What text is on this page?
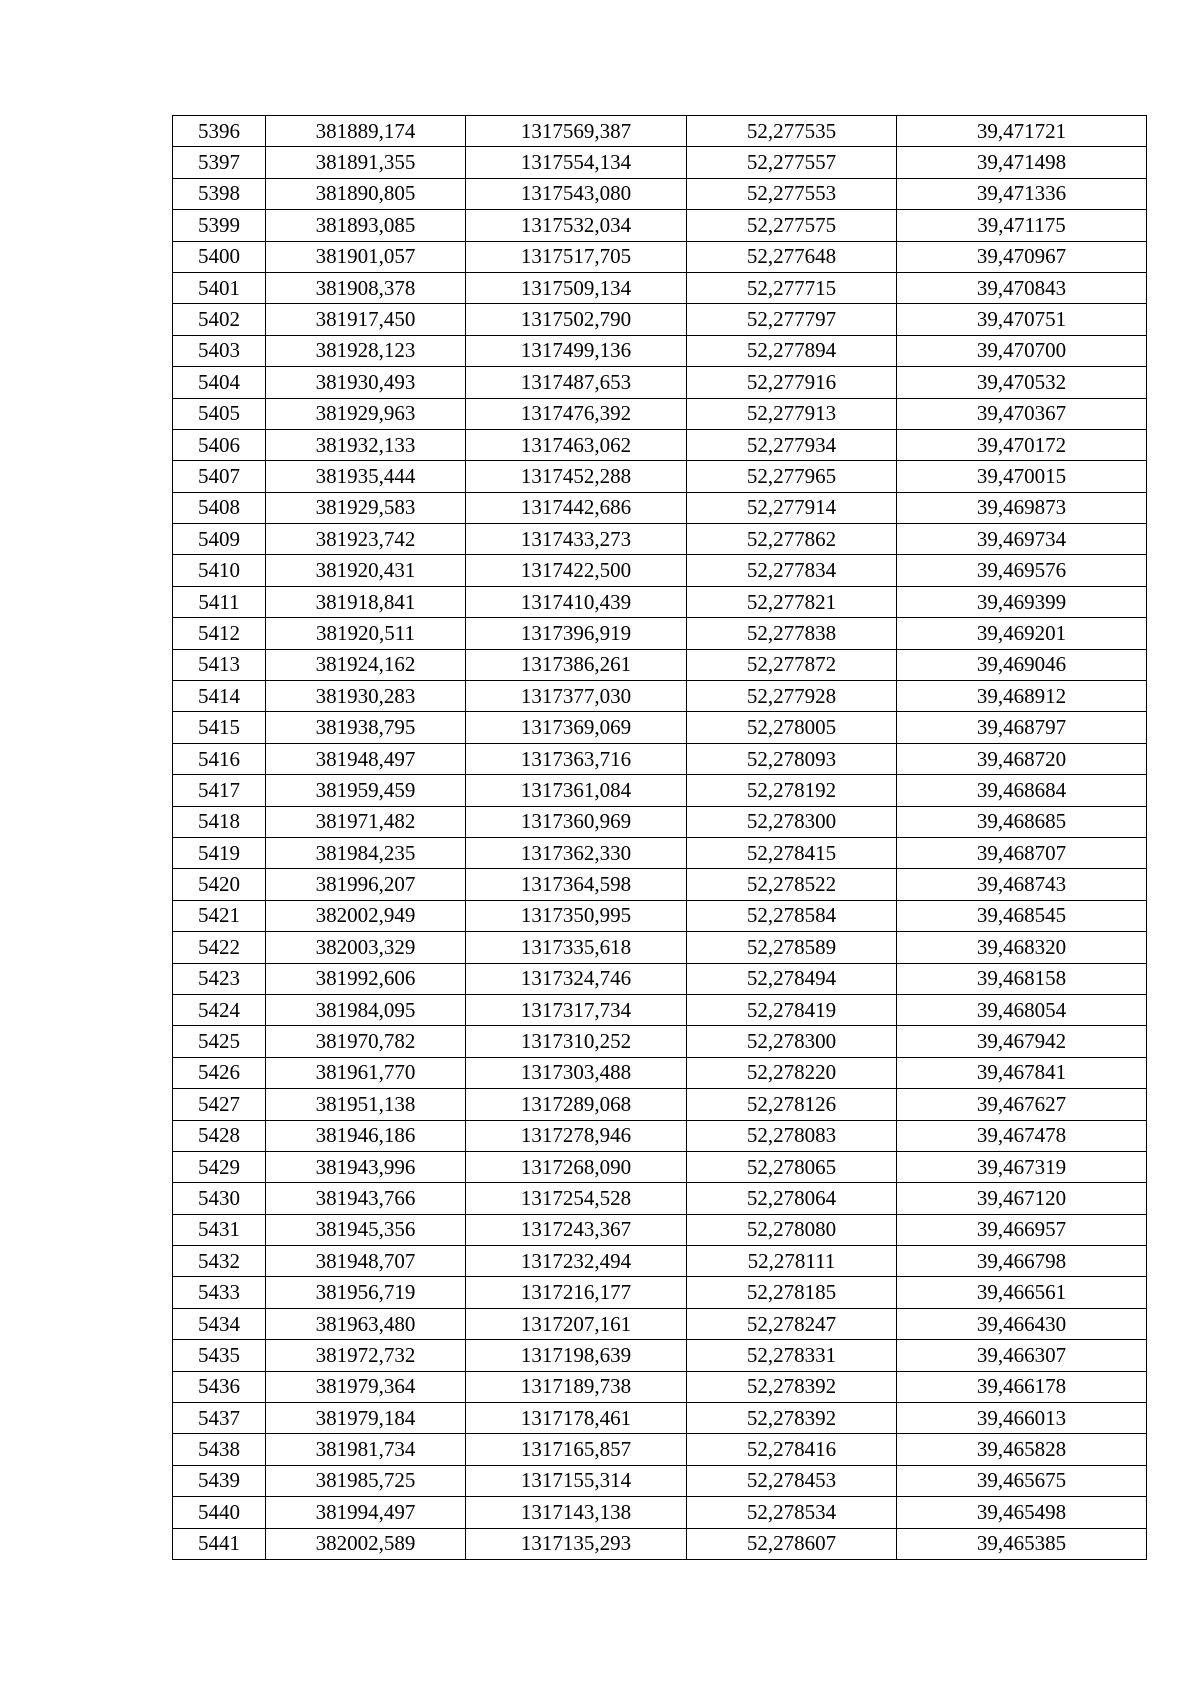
5396	381889,174	1317569,387	52,277535	39,471721
5397	381891,355	1317554,134	52,277557	39,471498
5398	381890,805	1317543,080	52,277553	39,471336
5399	381893,085	1317532,034	52,277575	39,471175
5400	381901,057	1317517,705	52,277648	39,470967
5401	381908,378	1317509,134	52,277715	39,470843
5402	381917,450	1317502,790	52,277797	39,470751
5403	381928,123	1317499,136	52,277894	39,470700
5404	381930,493	1317487,653	52,277916	39,470532
5405	381929,963	1317476,392	52,277913	39,470367
5406	381932,133	1317463,062	52,277934	39,470172
5407	381935,444	1317452,288	52,277965	39,470015
5408	381929,583	1317442,686	52,277914	39,469873
5409	381923,742	1317433,273	52,277862	39,469734
5410	381920,431	1317422,500	52,277834	39,469576
5411	381918,841	1317410,439	52,277821	39,469399
5412	381920,511	1317396,919	52,277838	39,469201
5413	381924,162	1317386,261	52,277872	39,469046
5414	381930,283	1317377,030	52,277928	39,468912
5415	381938,795	1317369,069	52,278005	39,468797
5416	381948,497	1317363,716	52,278093	39,468720
5417	381959,459	1317361,084	52,278192	39,468684
5418	381971,482	1317360,969	52,278300	39,468685
5419	381984,235	1317362,330	52,278415	39,468707
5420	381996,207	1317364,598	52,278522	39,468743
5421	382002,949	1317350,995	52,278584	39,468545
5422	382003,329	1317335,618	52,278589	39,468320
5423	381992,606	1317324,746	52,278494	39,468158
5424	381984,095	1317317,734	52,278419	39,468054
5425	381970,782	1317310,252	52,278300	39,467942
5426	381961,770	1317303,488	52,278220	39,467841
5427	381951,138	1317289,068	52,278126	39,467627
5428	381946,186	1317278,946	52,278083	39,467478
5429	381943,996	1317268,090	52,278065	39,467319
5430	381943,766	1317254,528	52,278064	39,467120
5431	381945,356	1317243,367	52,278080	39,466957
5432	381948,707	1317232,494	52,278111	39,466798
5433	381956,719	1317216,177	52,278185	39,466561
5434	381963,480	1317207,161	52,278247	39,466430
5435	381972,732	1317198,639	52,278331	39,466307
5436	381979,364	1317189,738	52,278392	39,466178
5437	381979,184	1317178,461	52,278392	39,466013
5438	381981,734	1317165,857	52,278416	39,465828
5439	381985,725	1317155,314	52,278453	39,465675
5440	381994,497	1317143,138	52,278534	39,465498
5441	382002,589	1317135,293	52,278607	39,465385
